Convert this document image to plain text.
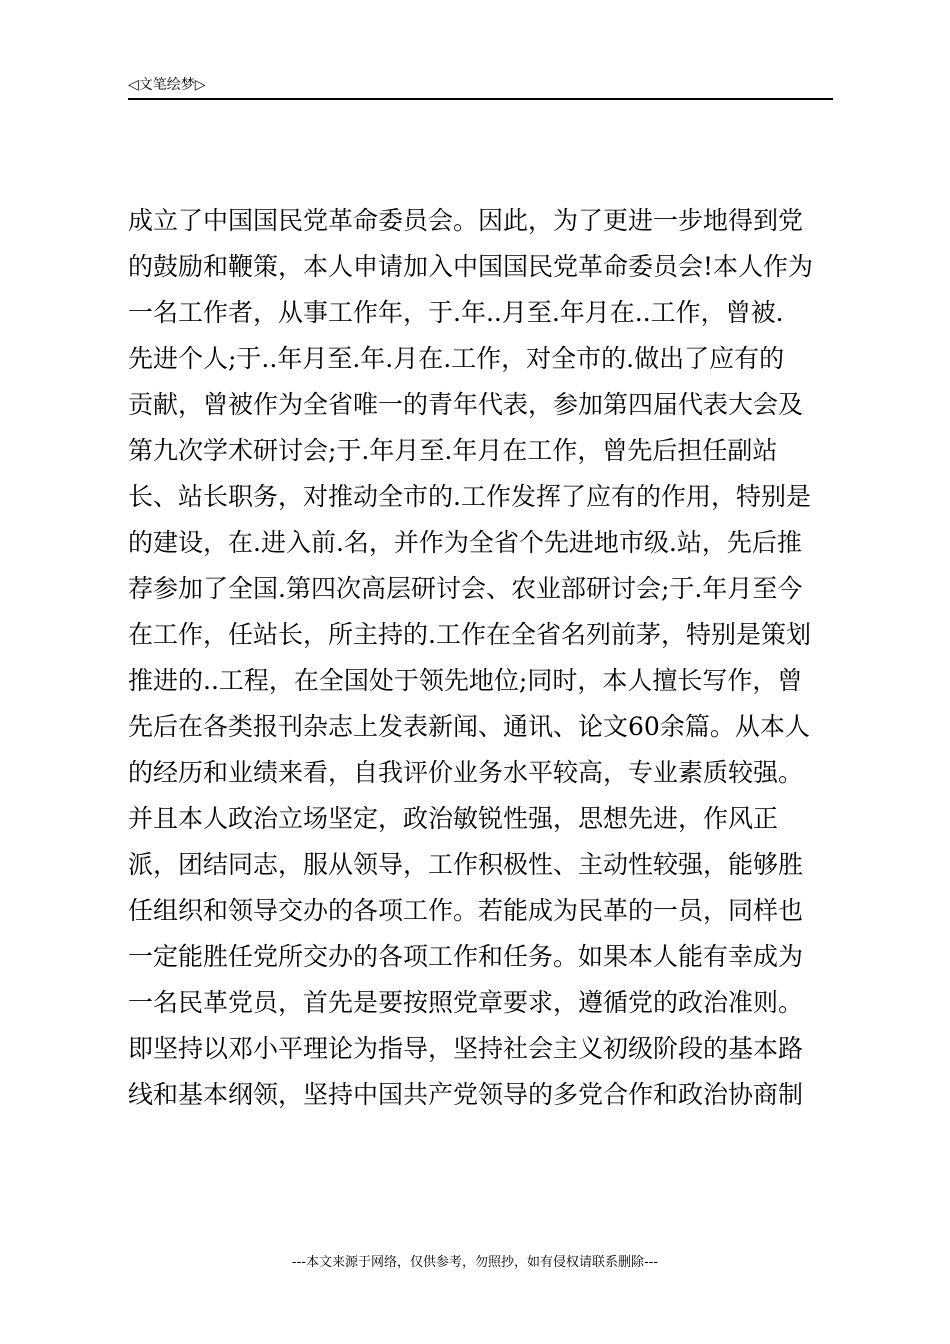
◁文笔绘梦▷
成立了中国国民党革命委员会。因此，为了更进一步地得到党
的鼓励和鞭策，本人申请加入中国国民党革命委员会!本人作为
一名工作者，从事工作年，于.年..月至.年月在..工作，曾被.
先进个人;于..年月至.年.月在.工作，对全市的.做出了应有的
贡献，曾被作为全省唯一的青年代表，参加第四届代表大会及
第九次学术研讨会;于.年月至.年月在工作，曾先后担任副站
长、站长职务，对推动全市的.工作发挥了应有的作用，特别是
的建设，在.进入前.名，并作为全省个先进地市级.站，先后推
荐参加了全国.第四次高层研讨会、农业部研讨会;于.年月至今
在工作，任站长，所主持的.工作在全省名列前茅，特别是策划
推进的..工程，在全国处于领先地位;同时，本人擅长写作，曾
先后在各类报刊杂志上发表新闻、通讯、论文60余篇。从本人
的经历和业绩来看，自我评价业务水平较高，专业素质较强。
并且本人政治立场坚定，政治敏锐性强，思想先进，作风正
派，团结同志，服从领导，工作积极性、主动性较强，能够胜
任组织和领导交办的各项工作。若能成为民革的一员，同样也
一定能胜任党所交办的各项工作和任务。如果本人能有幸成为
一名民革党员，首先是要按照党章要求，遵循党的政治准则。
即坚持以邓小平理论为指导，坚持社会主义初级阶段的基本路
线和基本纲领，坚持中国共产党领导的多党合作和政治协商制
---本文来源于网络，仅供参考，勿照抄，如有侵权请联系删除---
